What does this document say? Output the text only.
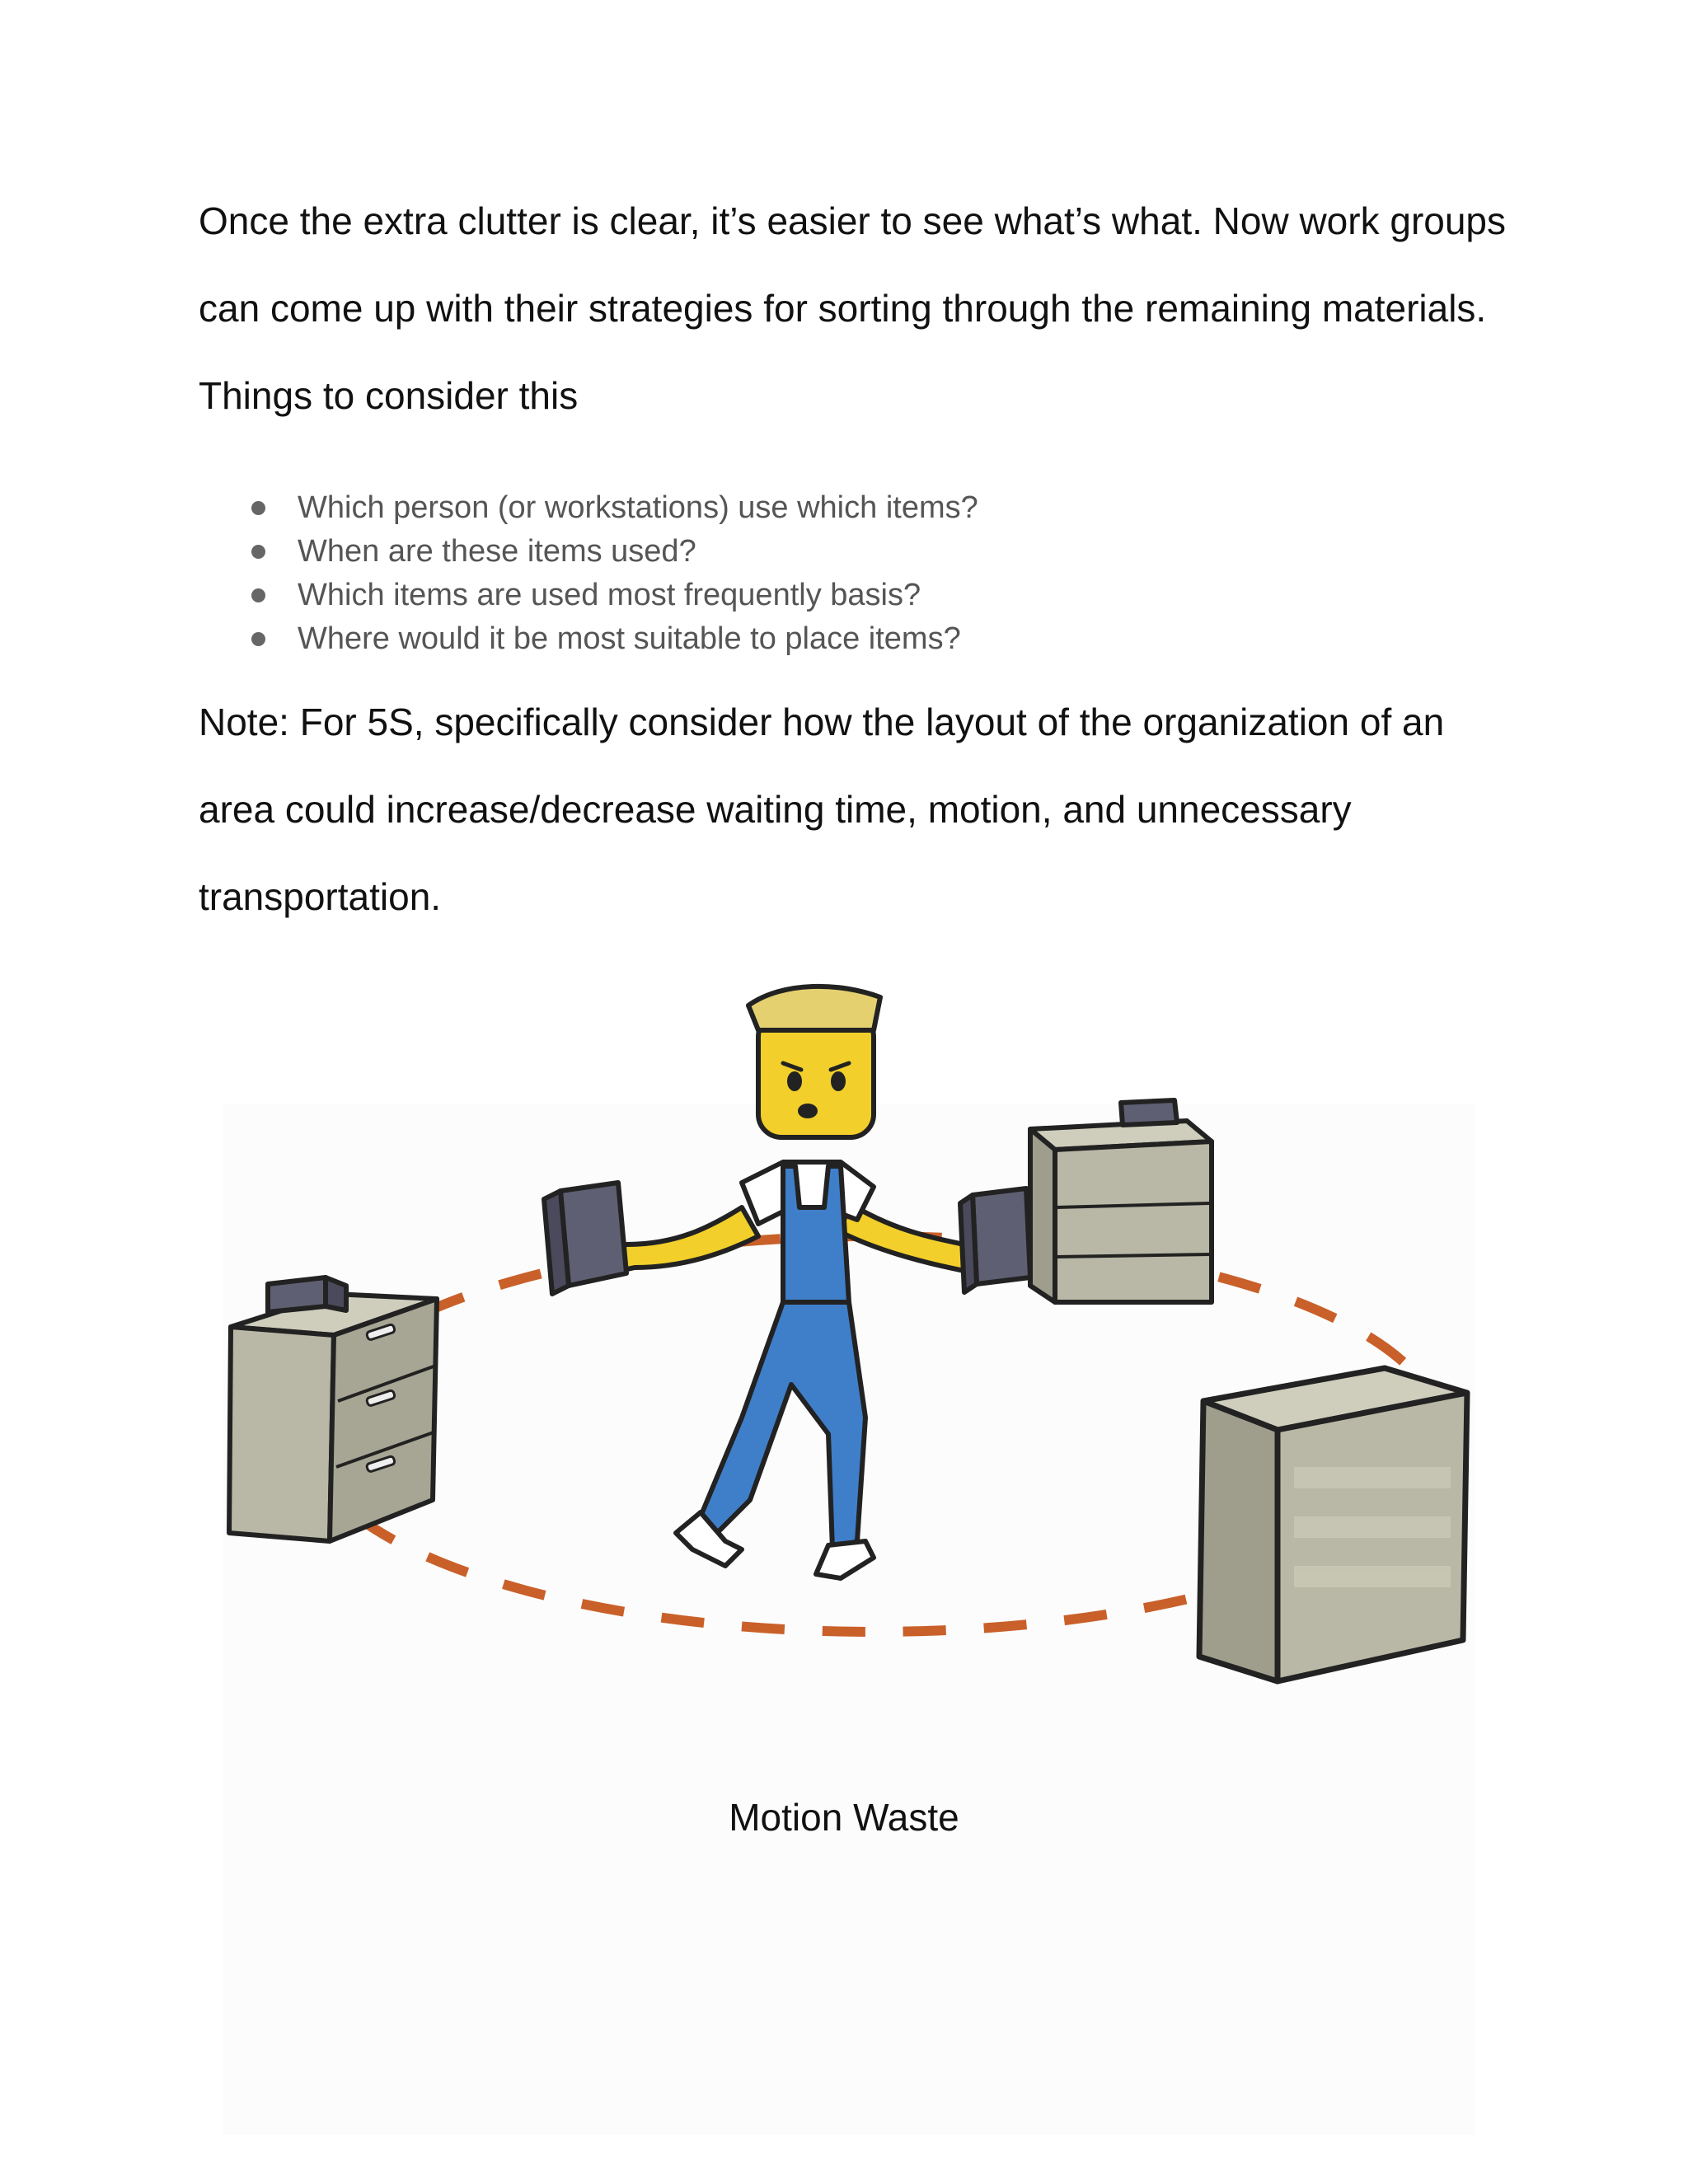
Once the extra clutter is clear, it’s easier to see what’s what. Now work groups can come up with their strategies for sorting through the remaining materials. Things to consider this

Which person (or workstations) use which items?
When are these items used?
Which items are used most frequently basis?
Where would it be most suitable to place items?

Note: For 5S, specifically consider how the layout of the organization of an area could increase/decrease waiting time, motion, and unnecessary transportation.

Motion Waste
